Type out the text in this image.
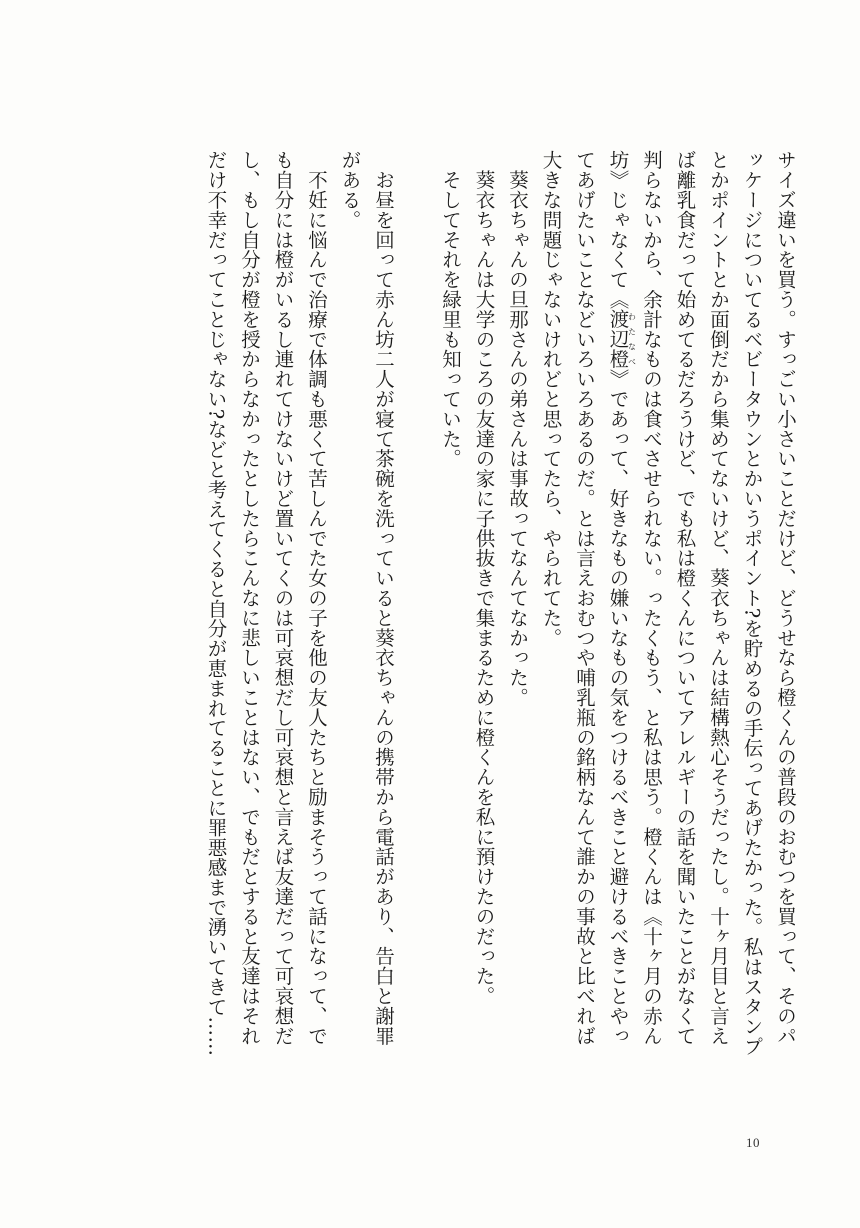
サイズ違いを買う。すっごい小さいことだけど、どうせなら橙くんの普段のおむつを買って、そのパッケージについてるベビータウンとかいうポイント?を貯めるの手伝ってあげたかった。私はスタンプとかポイントとか面倒だから集めてないけど、葵衣ちゃんは結構熱心そうだったし。十ヶ月目と言えば離乳食だって始めてるだろうけど、でも私は橙くんについてアレルギーの話を聞いたことがなくて判らないから、余計なものは食べさせられない。ったくもう、と私は思う。橙くんは《十ヶ月の赤ん坊》じゃなくて《渡辺橙わたなべ》であって、好きなもの嫌いなもの気をつけるべきこと避けるべきことやってあげたいことなどいろいろあるのだ。とは言えおむつや哺乳瓶の銘柄なんて誰かの事故と比べれば大きな問題じゃないけれどと思ってたら、やられてた。

　葵衣ちゃんの旦那さんの弟さんは事故ってなんてなかった。

　葵衣ちゃんは大学のころの友達の家に子供抜きで集まるために橙くんを私に預けたのだった。

　そしてそれを緑里も知っていた。

　お昼を回って赤ん坊二人が寝て茶碗を洗っていると葵衣ちゃんの携帯から電話があり、告白と謝罪がある。

　不妊に悩んで治療で体調も悪くて苦しんでた女の子を他の友人たちと励まそうって話になって、でも自分には橙がいるし連れてけないけど置いてくのは可哀想だし可哀想と言えば友達だって可哀想だし、もし自分が橙を授からなかったとしたらこんなに悲しいことはない、でもだとすると友達はそれだけ不幸だってことじゃない?などと考えてくると自分が恵まれてることに罪悪感まで湧いてきて……

10
